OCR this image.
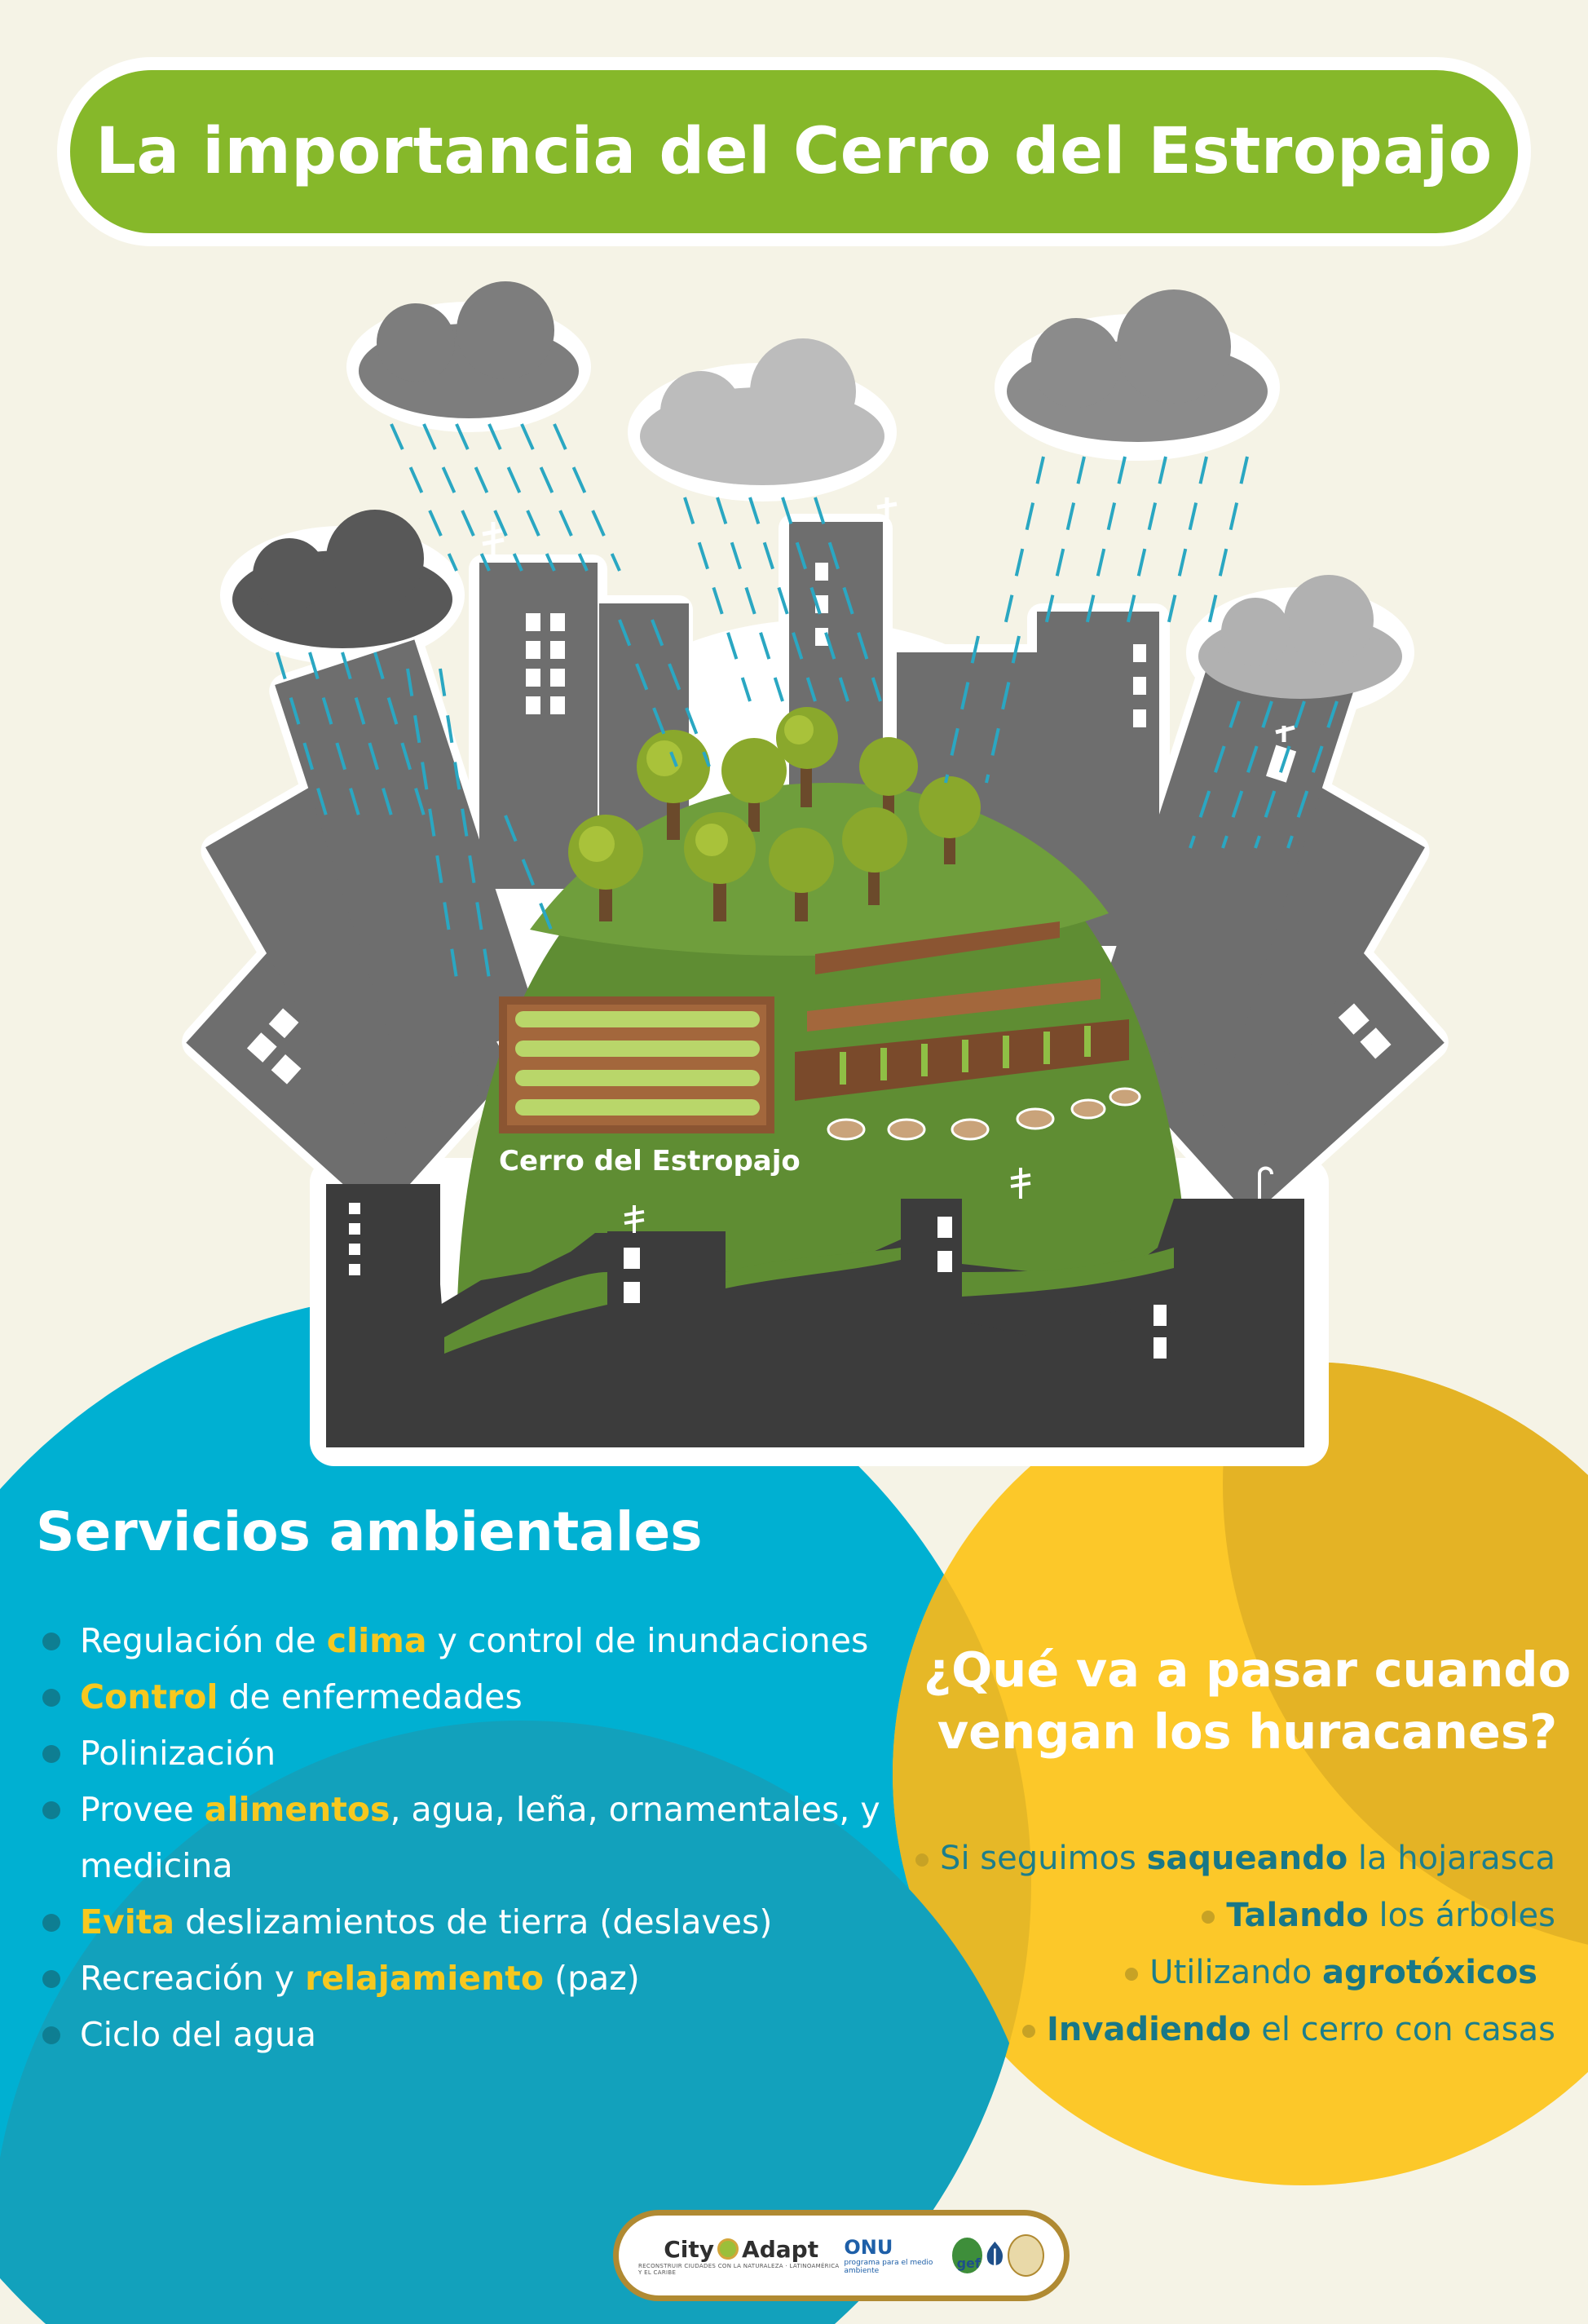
La importancia del Cerro del Estropajo
Cerro del Estropajo
Servicios ambientales
Regulación de clima y control de inundaciones
Control de enfermedades
Polinización
Provee alimentos, agua, leña, ornamentales, y medicina
Evita deslizamientos de tierra (deslaves)
Recreación y relajamiento (paz)
Ciclo del agua
¿Qué va a pasar cuando vengan los huracanes?
Si seguimos saqueando la hojarasca
Talando los árboles
Utilizando agrotóxicos
Invadiendo el cerro con casas
City Adapt
RECONSTRUIR CIUDADES CON LA NATURALEZA · LATINOAMÉRICA Y EL CARIBE
ONU
programa para el medio ambiente	gef
